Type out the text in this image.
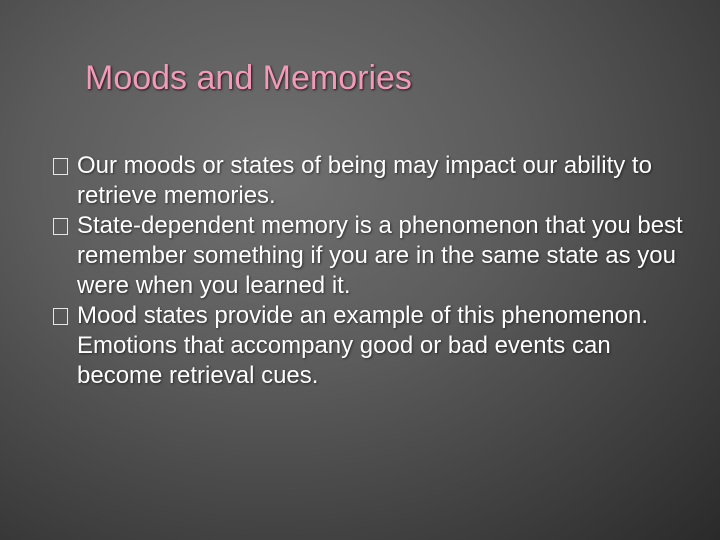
Moods and Memories
Our moods or states of being may impact our ability to retrieve memories.
State-dependent memory is a phenomenon that you best remember something if you are in the same state as you were when you learned it.
Mood states provide an example of this phenomenon. Emotions that accompany good or bad events can become retrieval cues.
